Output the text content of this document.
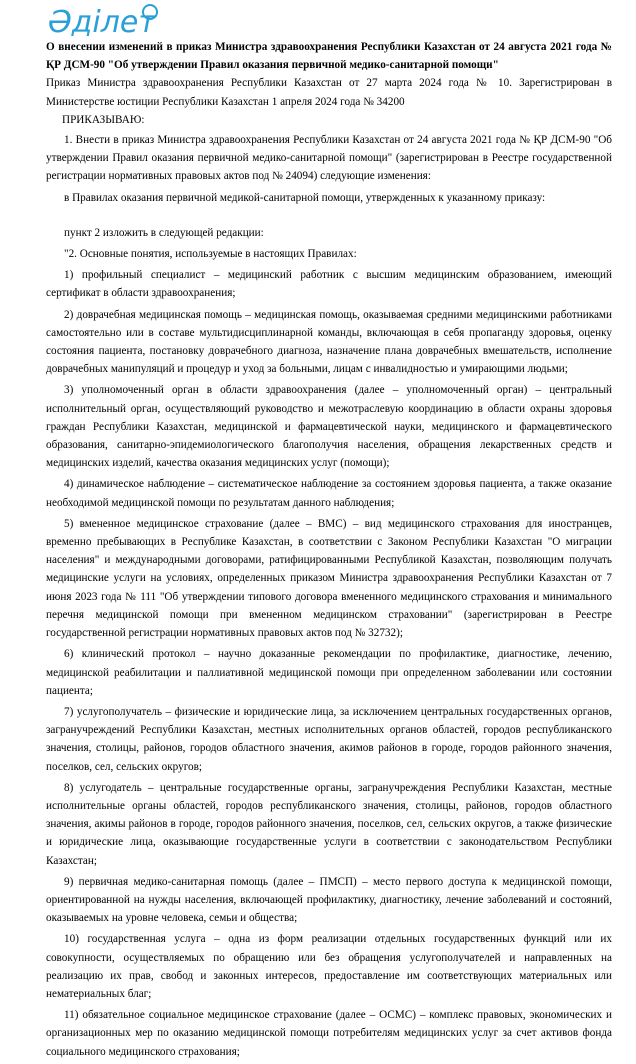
Әділет

О внесении изменений в приказ Министра здравоохранения Республики Казахстан от 24 августа 2021 года № ҚР ДСМ-90 "Об утверждении Правил оказания первичной медико-санитарной помощи"

Приказ Министра здравоохранения Республики Казахстан от 27 марта 2024 года № 10. Зарегистрирован в Министерстве юстиции Республики Казахстан 1 апреля 2024 года № 34200

ПРИКАЗЫВАЮ:

1. Внести в приказ Министра здравоохранения Республики Казахстан от 24 августа 2021 года № ҚР ДСМ-90 "Об утверждении Правил оказания первичной медико-санитарной помощи" (зарегистрирован в Реестре государственной регистрации нормативных правовых актов под № 24094) следующие изменения:

в Правилах оказания первичной медикой-санитарной помощи, утвержденных к указанному приказу:

пункт 2 изложить в следующей редакции:

"2. Основные понятия, используемые в настоящих Правилах:

1) профильный специалист – медицинский работник с высшим медицинским образованием, имеющий сертификат в области здравоохранения;

2) доврачебная медицинская помощь – медицинская помощь, оказываемая средними медицинскими работниками самостоятельно или в составе мультидисциплинарной команды, включающая в себя пропаганду здоровья, оценку состояния пациента, постановку доврачебного диагноза, назначение плана доврачебных вмешательств, исполнение доврачебных манипуляций и процедур и уход за больными, лицам с инвалидностью и умирающими людьми;

3) уполномоченный орган в области здравоохранения (далее – уполномоченный орган) – центральный исполнительный орган, осуществляющий руководство и межотраслевую координацию в области охраны здоровья граждан Республики Казахстан, медицинской и фармацевтической науки, медицинского и фармацевтического образования, санитарно-эпидемиологического благополучия населения, обращения лекарственных средств и медицинских изделий, качества оказания медицинских услуг (помощи);

4) динамическое наблюдение – систематическое наблюдение за состоянием здоровья пациента, а также оказание необходимой медицинской помощи по результатам данного наблюдения;

5) вмененное медицинское страхование (далее – ВМС) – вид медицинского страхования для иностранцев, временно пребывающих в Республике Казахстан, в соответствии с Законом Республики Казахстан "О миграции населения" и международными договорами, ратифицированными Республикой Казахстан, позволяющим получать медицинские услуги на условиях, определенных приказом Министра здравоохранения Республики Казахстан от 7 июня 2023 года № 111 "Об утверждении типового договора вмененного медицинского страхования и минимального перечня медицинской помощи при вмененном медицинском страховании" (зарегистрирован в Реестре государственной регистрации нормативных правовых актов под № 32732);

6) клинический протокол – научно доказанные рекомендации по профилактике, диагностике, лечению, медицинской реабилитации и паллиативной медицинской помощи при определенном заболевании или состоянии пациента;

7) услугополучатель – физические и юридические лица, за исключением центральных государственных органов, загранучреждений Республики Казахстан, местных исполнительных органов областей, городов республиканского значения, столицы, районов, городов областного значения, акимов районов в городе, городов районного значения, поселков, сел, сельских округов;

8) услугодатель – центральные государственные органы, загранучреждения Республики Казахстан, местные исполнительные органы областей, городов республиканского значения, столицы, районов, городов областного значения, акимы районов в городе, городов районного значения, поселков, сел, сельских округов, а также физические и юридические лица, оказывающие государственные услуги в соответствии с законодательством Республики Казахстан;

9) первичная медико-санитарная помощь (далее – ПМСП) – место первого доступа к медицинской помощи, ориентированной на нужды населения, включающей профилактику, диагностику, лечение заболеваний и состояний, оказываемых на уровне человека, семьи и общества;

10) государственная услуга – одна из форм реализации отдельных государственных функций или их совокупности, осуществляемых по обращению или без обращения услугополучателей и направленных на реализацию их прав, свобод и законных интересов, предоставление им соответствующих материальных или нематериальных благ;

11) обязательное социальное медицинское страхование (далее – ОСМС) – комплекс правовых, экономических и организационных мер по оказанию медицинской помощи потребителям медицинских услуг за счет активов фонда социального медицинского страхования;
